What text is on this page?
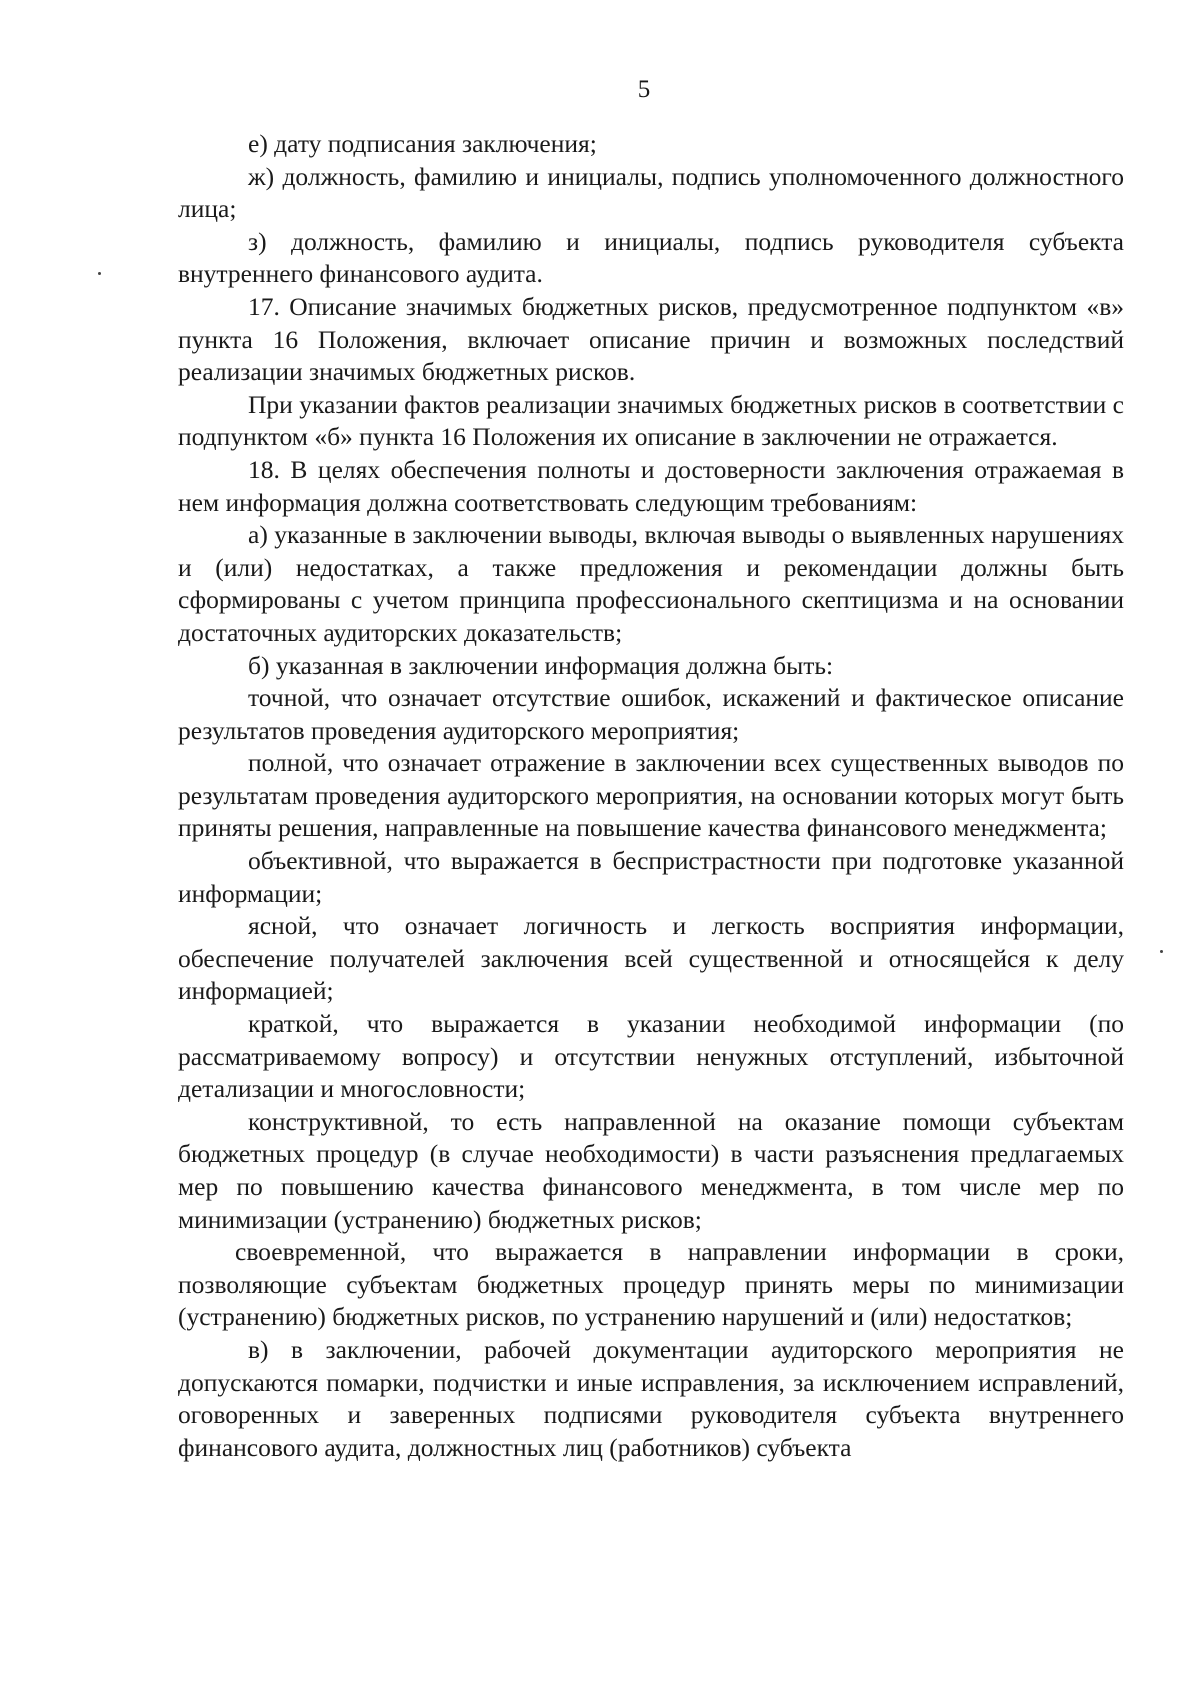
5

е) дату подписания заключения;

ж) должность, фамилию и инициалы, подпись уполномоченного должностного лица;

з) должность, фамилию и инициалы, подпись руководителя субъекта внутреннего финансового аудита.

17. Описание значимых бюджетных рисков, предусмотренное подпунктом «в» пункта 16 Положения, включает описание причин и возможных последствий реализации значимых бюджетных рисков.

При указании фактов реализации значимых бюджетных рисков в соответствии с подпунктом «б» пункта 16 Положения их описание в заключении не отражается.

18. В целях обеспечения полноты и достоверности заключения отражаемая в нем информация должна соответствовать следующим требованиям:

а) указанные в заключении выводы, включая выводы о выявленных нарушениях и (или) недостатках, а также предложения и рекомендации должны быть сформированы с учетом принципа профессионального скептицизма и на основании достаточных аудиторских доказательств;

б) указанная в заключении информация должна быть:

точной, что означает отсутствие ошибок, искажений и фактическое описание результатов проведения аудиторского мероприятия;

полной, что означает отражение в заключении всех существенных выводов по результатам проведения аудиторского мероприятия, на основании которых могут быть приняты решения, направленные на повышение качества финансового менеджмента;

объективной, что выражается в беспристрастности при подготовке указанной информации;

ясной, что означает логичность и легкость восприятия информации, обеспечение получателей заключения всей существенной и относящейся к делу информацией;

краткой, что выражается в указании необходимой информации (по рассматриваемому вопросу) и отсутствии ненужных отступлений, избыточной детализации и многословности;

конструктивной, то есть направленной на оказание помощи субъектам бюджетных процедур (в случае необходимости) в части разъяснения предлагаемых мер по повышению качества финансового менеджмента, в том числе мер по минимизации (устранению) бюджетных рисков;

своевременной, что выражается в направлении информации в сроки, позволяющие субъектам бюджетных процедур принять меры по минимизации (устранению) бюджетных рисков, по устранению нарушений и (или) недостатков;

в) в заключении, рабочей документации аудиторского мероприятия не допускаются помарки, подчистки и иные исправления, за исключением исправлений, оговоренных и заверенных подписями руководителя субъекта внутреннего финансового аудита, должностных лиц (работников) субъекта
